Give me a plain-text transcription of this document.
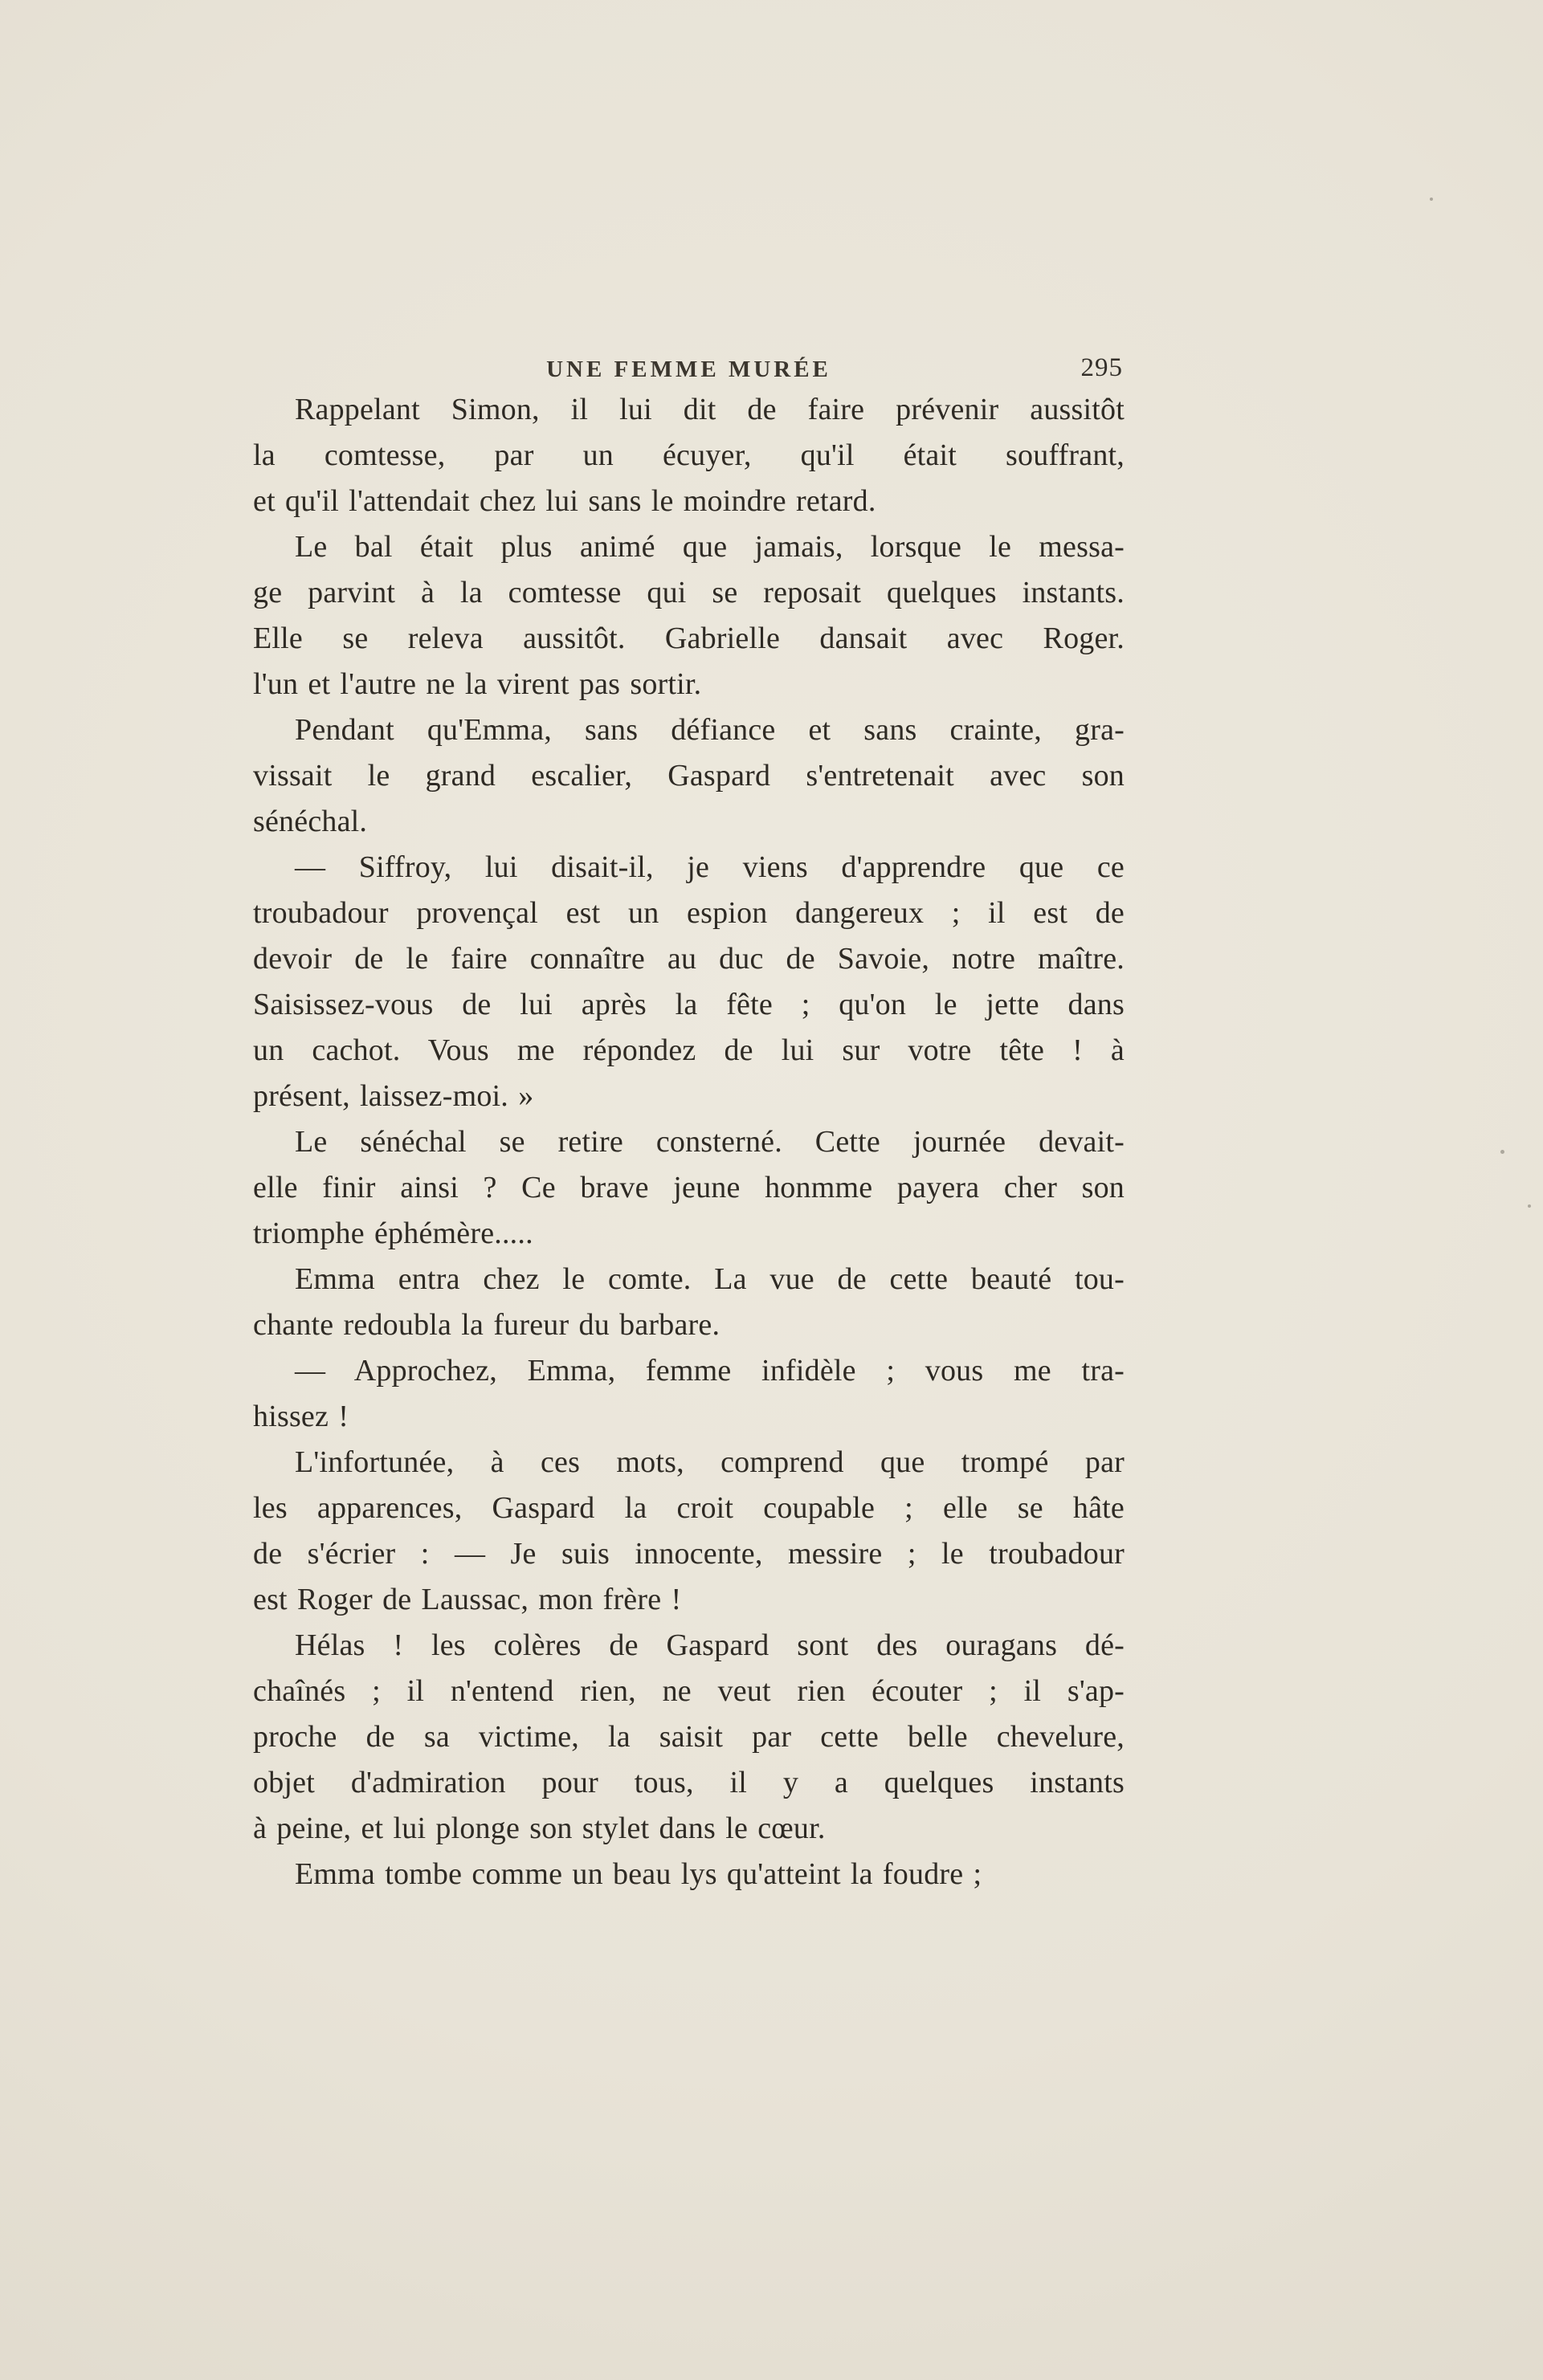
UNE FEMME MURÉE	295
Rappelant Simon, il lui dit de faire prévenir aussitôt
la comtesse, par un écuyer, qu'il était souffrant,
et qu'il l'attendait chez lui sans le moindre retard.
Le bal était plus animé que jamais, lorsque le messa-
ge parvint à la comtesse qui se reposait quelques instants.
Elle se releva aussitôt. Gabrielle dansait avec Roger.
l'un et l'autre ne la virent pas sortir.
Pendant qu'Emma, sans défiance et sans crainte, gra-
vissait le grand escalier, Gaspard s'entretenait avec son
sénéchal.
— Siffroy, lui disait-il, je viens d'apprendre que ce
troubadour provençal est un espion dangereux ; il est de
devoir de le faire connaître au duc de Savoie, notre maître.
Saisissez-vous de lui après la fête ; qu'on le jette dans
un cachot. Vous me répondez de lui sur votre tête ! à
présent, laissez-moi. »
Le sénéchal se retire consterné. Cette journée devait-
elle finir ainsi ? Ce brave jeune honmme payera cher son
triomphe éphémère.....
Emma entra chez le comte. La vue de cette beauté tou-
chante redoubla la fureur du barbare.
— Approchez, Emma, femme infidèle ; vous me tra-
hissez !
L'infortunée, à ces mots, comprend que trompé par
les apparences, Gaspard la croit coupable ; elle se hâte
de s'écrier : — Je suis innocente, messire ; le troubadour
est Roger de Laussac, mon frère !
Hélas ! les colères de Gaspard sont des ouragans dé-
chaînés ; il n'entend rien, ne veut rien écouter ; il s'ap-
proche de sa victime, la saisit par cette belle chevelure,
objet d'admiration pour tous, il y a quelques instants
à peine, et lui plonge son stylet dans le cœur.
Emma tombe comme un beau lys qu'atteint la foudre ;
